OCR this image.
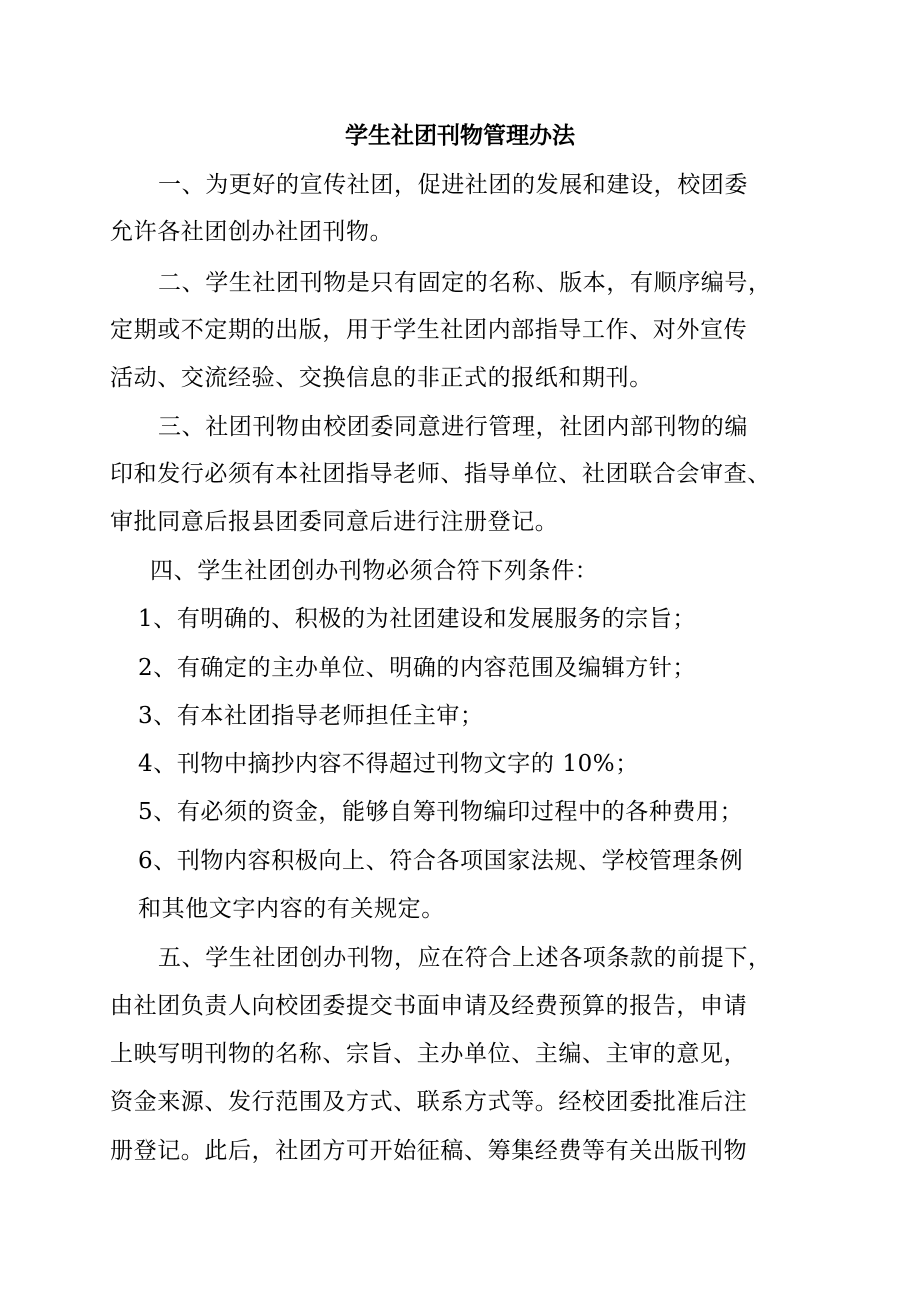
学生社团刊物管理办法
一、为更好的宣传社团，促进社团的发展和建设，校团委
允许各社团创办社团刊物。
二、学生社团刊物是只有固定的名称、版本，有顺序编号，
定期或不定期的出版，用于学生社团内部指导工作、对外宣传
活动、交流经验、交换信息的非正式的报纸和期刊。
三、社团刊物由校团委同意进行管理，社团内部刊物的编
印和发行必须有本社团指导老师、指导单位、社团联合会审查、
审批同意后报县团委同意后进行注册登记。
四、学生社团创办刊物必须合符下列条件：
1、有明确的、积极的为社团建设和发展服务的宗旨；
2、有确定的主办单位、明确的内容范围及编辑方针；
3、有本社团指导老师担任主审；
4、刊物中摘抄内容不得超过刊物文字的 10%；
5、有必须的资金，能够自筹刊物编印过程中的各种费用；
6、刊物内容积极向上、符合各项国家法规、学校管理条例
和其他文字内容的有关规定。
五、学生社团创办刊物，应在符合上述各项条款的前提下，
由社团负责人向校团委提交书面申请及经费预算的报告，申请
上映写明刊物的名称、宗旨、主办单位、主编、主审的意见，
资金来源、发行范围及方式、联系方式等。经校团委批准后注
册登记。此后，社团方可开始征稿、筹集经费等有关出版刊物
